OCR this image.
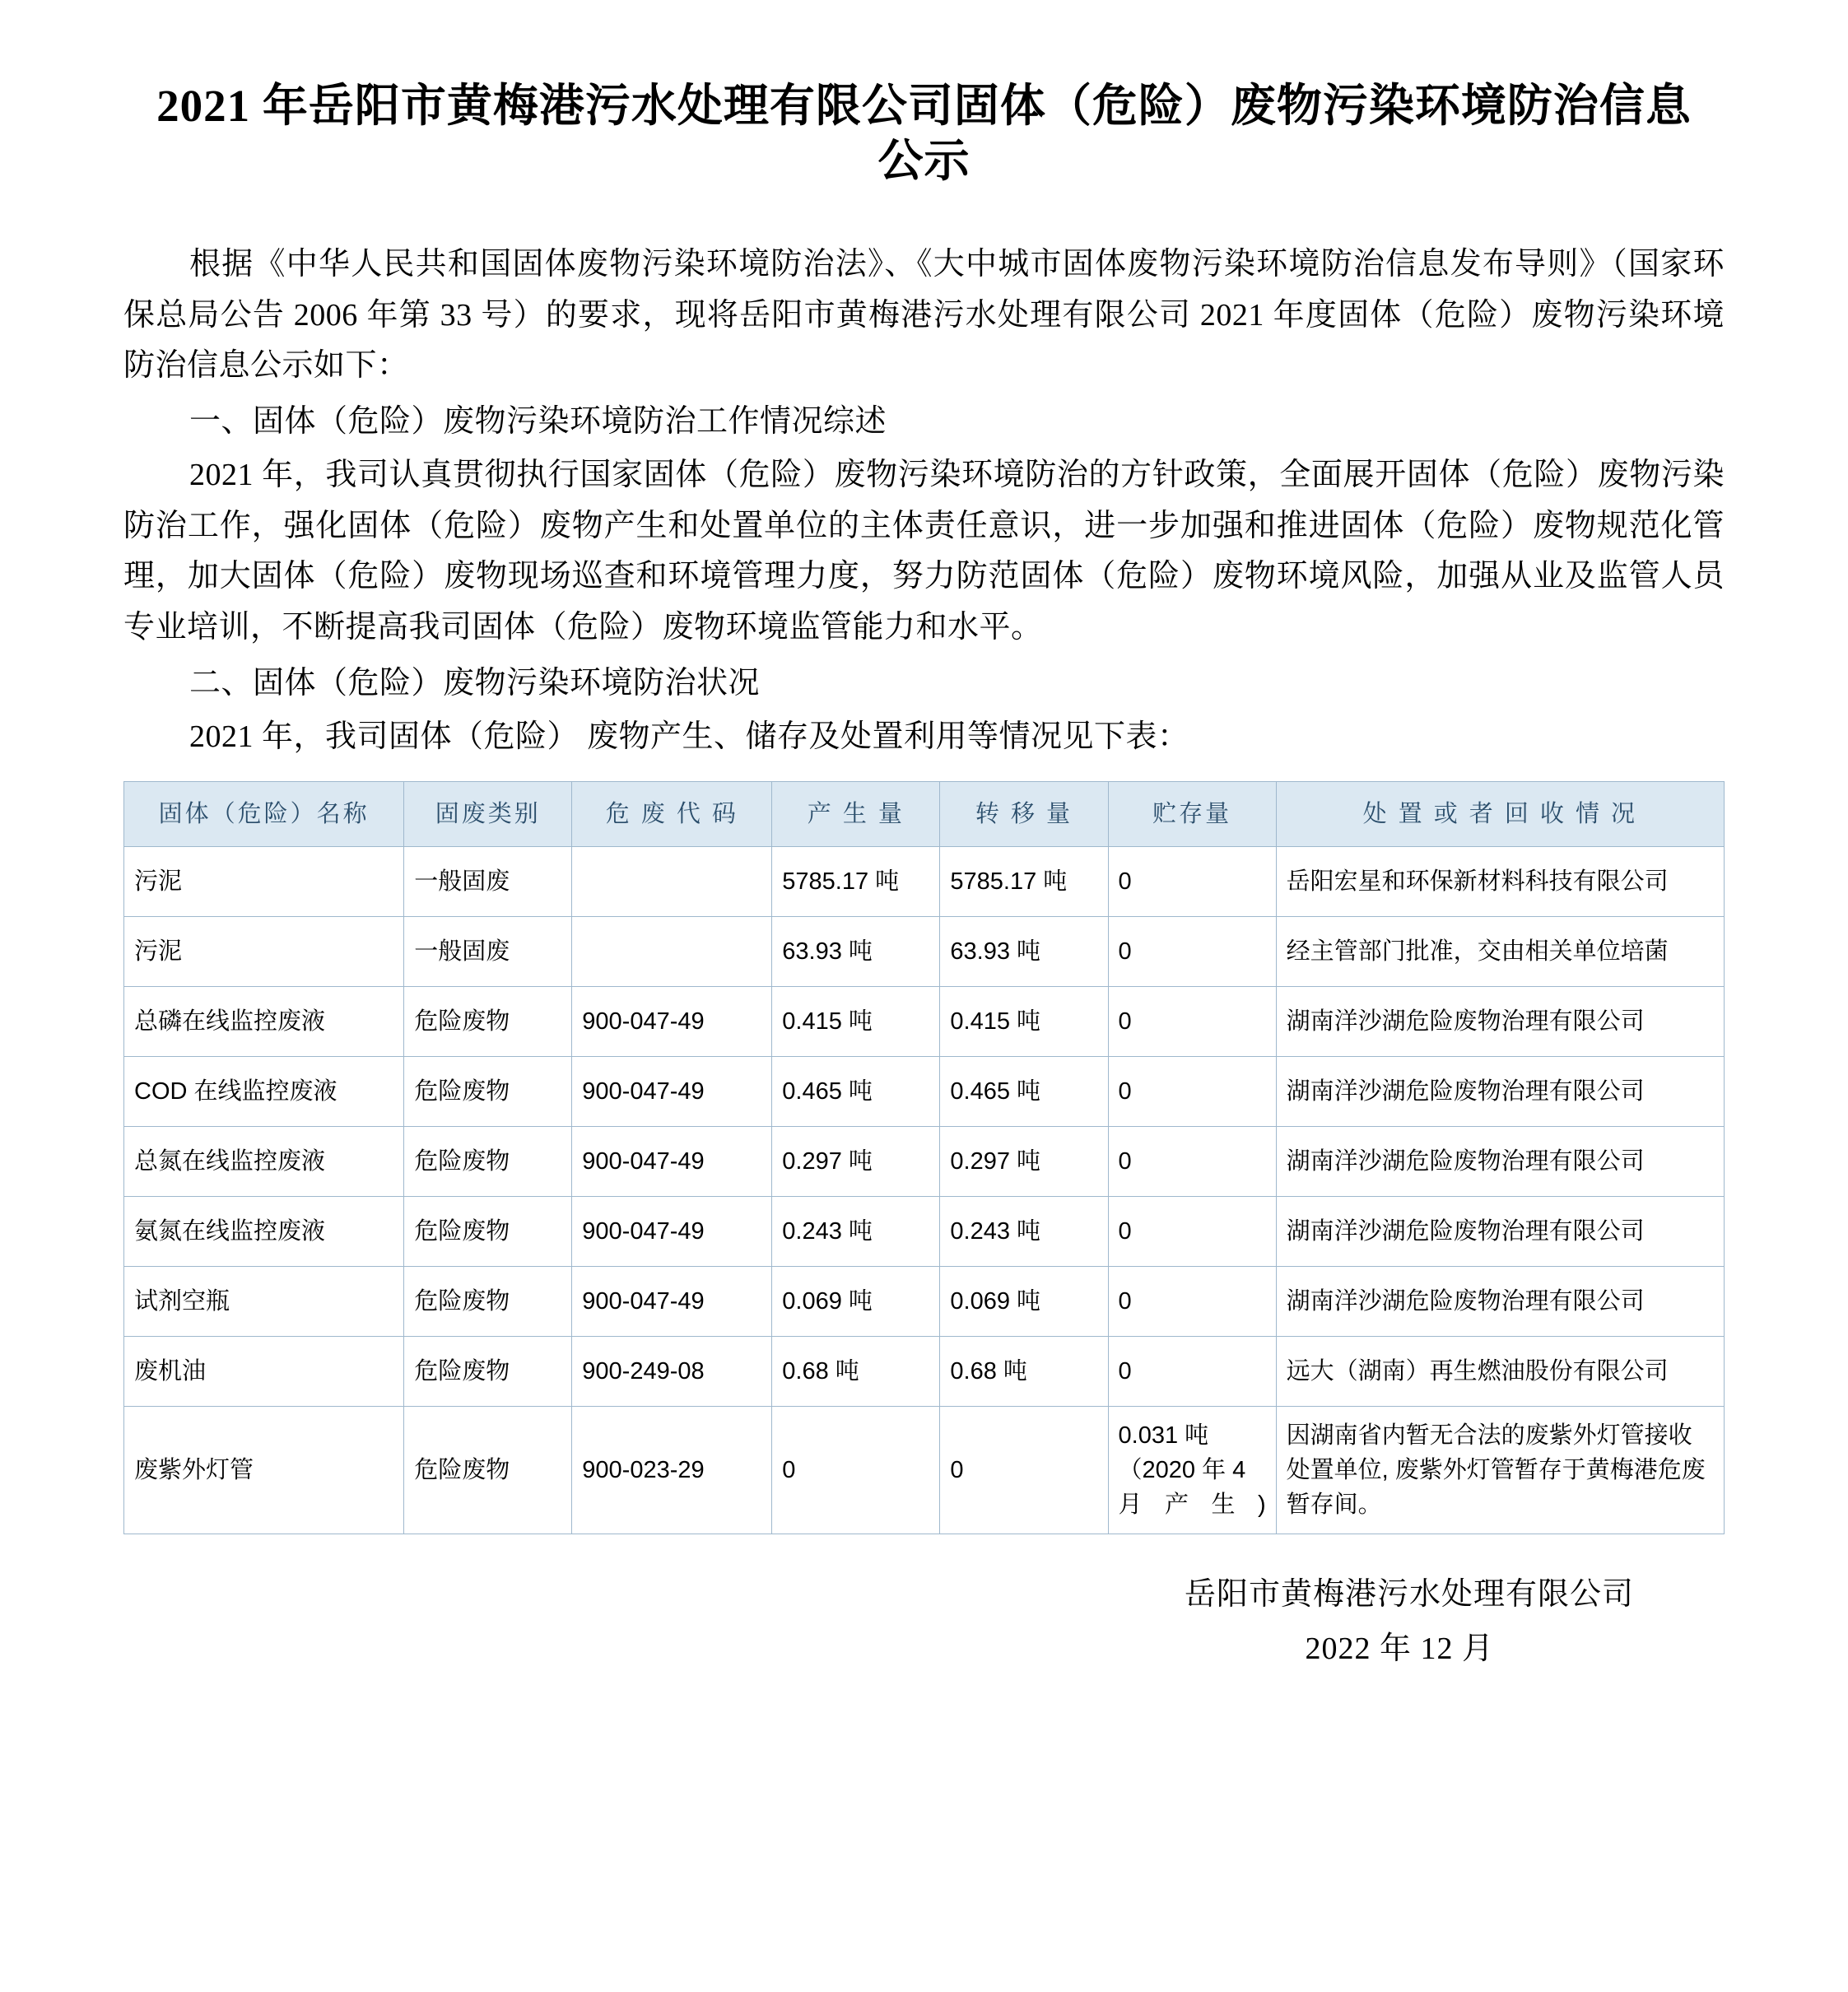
2021 年岳阳市黄梅港污水处理有限公司固体（危险）废物污染环境防治信息公示

根据《中华人民共和国固体废物污染环境防治法》、《大中城市固体废物污染环境防治信息发布导则》（国家环保总局公告 2006 年第 33 号）的要求，现将岳阳市黄梅港污水处理有限公司 2021 年度固体（危险）废物污染环境防治信息公示如下：

一、固体（危险）废物污染环境防治工作情况综述

2021 年，我司认真贯彻执行国家固体（危险）废物污染环境防治的方针政策，全面展开固体（危险）废物污染防治工作，强化固体（危险）废物产生和处置单位的主体责任意识，进一步加强和推进固体（危险）废物规范化管理，加大固体（危险）废物现场巡查和环境管理力度，努力防范固体（危险）废物环境风险，加强从业及监管人员专业培训，不断提高我司固体（危险）废物环境监管能力和水平。

二、固体（危险）废物污染环境防治状况

2021 年，我司固体（危险） 废物产生、储存及处置利用等情况见下表：

固体（危险）名称	固废类别	危 废 代 码	产 生 量	转 移 量	贮存量	处 置 或 者 回 收 情 况
污泥	一般固废		5785.17 吨	5785.17 吨	0	岳阳宏星和环保新材料科技有限公司
污泥	一般固废		63.93 吨	63.93 吨	0	经主管部门批准，交由相关单位培菌
总磷在线监控废液	危险废物	900-047-49	0.415 吨	0.415 吨	0	湖南洋沙湖危险废物治理有限公司
COD 在线监控废液	危险废物	900-047-49	0.465 吨	0.465 吨	0	湖南洋沙湖危险废物治理有限公司
总氮在线监控废液	危险废物	900-047-49	0.297 吨	0.297 吨	0	湖南洋沙湖危险废物治理有限公司
氨氮在线监控废液	危险废物	900-047-49	0.243 吨	0.243 吨	0	湖南洋沙湖危险废物治理有限公司
试剂空瓶	危险废物	900-047-49	0.069 吨	0.069 吨	0	湖南洋沙湖危险废物治理有限公司
废机油	危险废物	900-249-08	0.68 吨	0.68 吨	0	远大（湖南）再生燃油股份有限公司
废紫外灯管	危险废物	900-023-29	0	0	0.031 吨（2020 年 4 月产生)	因湖南省内暂无合法的废紫外灯管接收处置单位, 废紫外灯管暂存于黄梅港危废暂存间。
岳阳市黄梅港污水处理有限公司
2022 年 12 月
